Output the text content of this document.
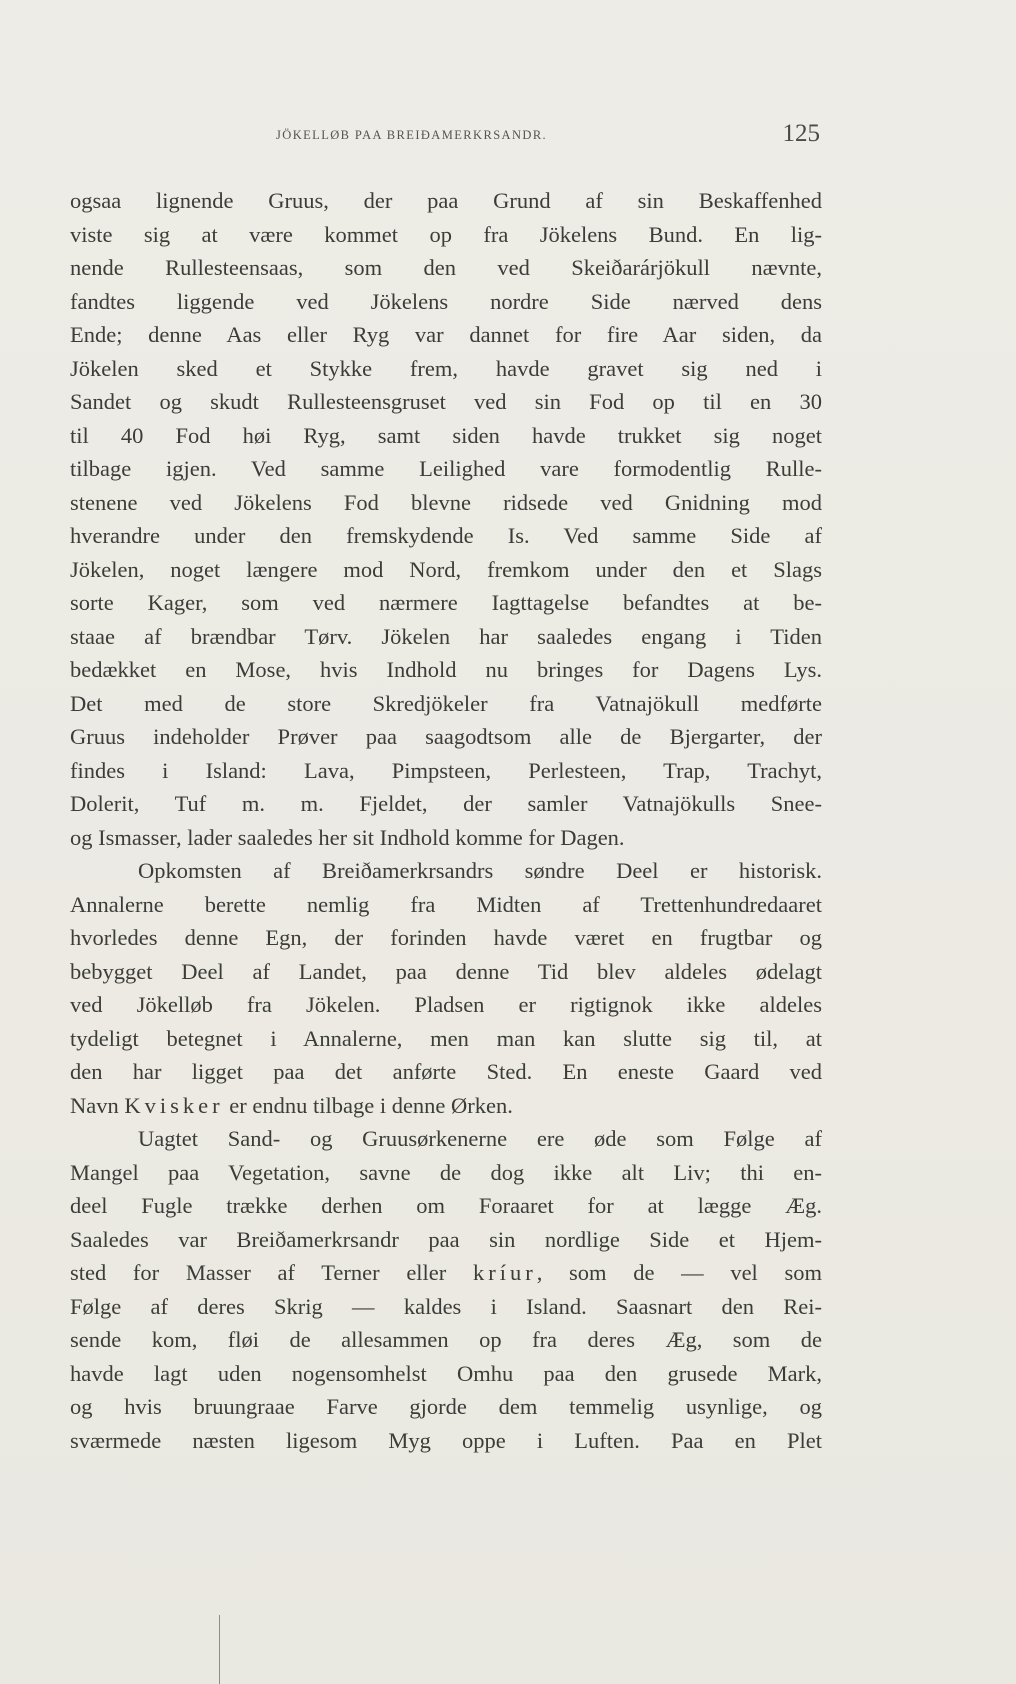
JÖKELLØB PAA BREIÐAMERKRSANDR.	125
ogsaa lignende Gruus, der paa Grund af sin Beskaffenhed
viste sig at være kommet op fra Jökelens Bund. En lig-
nende Rullesteensaas, som den ved Skeiðarárjökull nævnte,
fandtes liggende ved Jökelens nordre Side nærved dens
Ende; denne Aas eller Ryg var dannet for fire Aar siden, da
Jökelen sked et Stykke frem, havde gravet sig ned i
Sandet og skudt Rullesteensgruset ved sin Fod op til en 30
til 40 Fod høi Ryg, samt siden havde trukket sig noget
tilbage igjen. Ved samme Leilighed vare formodentlig Rulle-
stenene ved Jökelens Fod blevne ridsede ved Gnidning mod
hverandre under den fremskydende Is. Ved samme Side af
Jökelen, noget længere mod Nord, fremkom under den et Slags
sorte Kager, som ved nærmere Iagttagelse befandtes at be-
staae af brændbar Tørv. Jökelen har saaledes engang i Tiden
bedækket en Mose, hvis Indhold nu bringes for Dagens Lys.
Det med de store Skredjökeler fra Vatnajökull medførte
Gruus indeholder Prøver paa saagodtsom alle de Bjergarter, der
findes i Island: Lava, Pimpsteen, Perlesteen, Trap, Trachyt,
Dolerit, Tuf m. m. Fjeldet, der samler Vatnajökulls Snee-
og Ismasser, lader saaledes her sit Indhold komme for Dagen.
Opkomsten af Breiðamerkrsandrs søndre Deel er historisk.
Annalerne berette nemlig fra Midten af Trettenhundredaaret
hvorledes denne Egn, der forinden havde været en frugtbar og
bebygget Deel af Landet, paa denne Tid blev aldeles ødelagt
ved Jökelløb fra Jökelen. Pladsen er rigtignok ikke aldeles
tydeligt betegnet i Annalerne, men man kan slutte sig til, at
den har ligget paa det anførte Sted. En eneste Gaard ved
Navn Kvisker er endnu tilbage i denne Ørken.
Uagtet Sand- og Gruusørkenerne ere øde som Følge af
Mangel paa Vegetation, savne de dog ikke alt Liv; thi en-
deel Fugle trække derhen om Foraaret for at lægge Æg.
Saaledes var Breiðamerkrsandr paa sin nordlige Side et Hjem-
sted for Masser af Terner eller kríur, som de — vel som
Følge af deres Skrig — kaldes i Island. Saasnart den Rei-
sende kom, fløi de allesammen op fra deres Æg, som de
havde lagt uden nogensomhelst Omhu paa den grusede Mark,
og hvis bruungraae Farve gjorde dem temmelig usynlige, og
sværmede næsten ligesom Myg oppe i Luften. Paa en Plet
